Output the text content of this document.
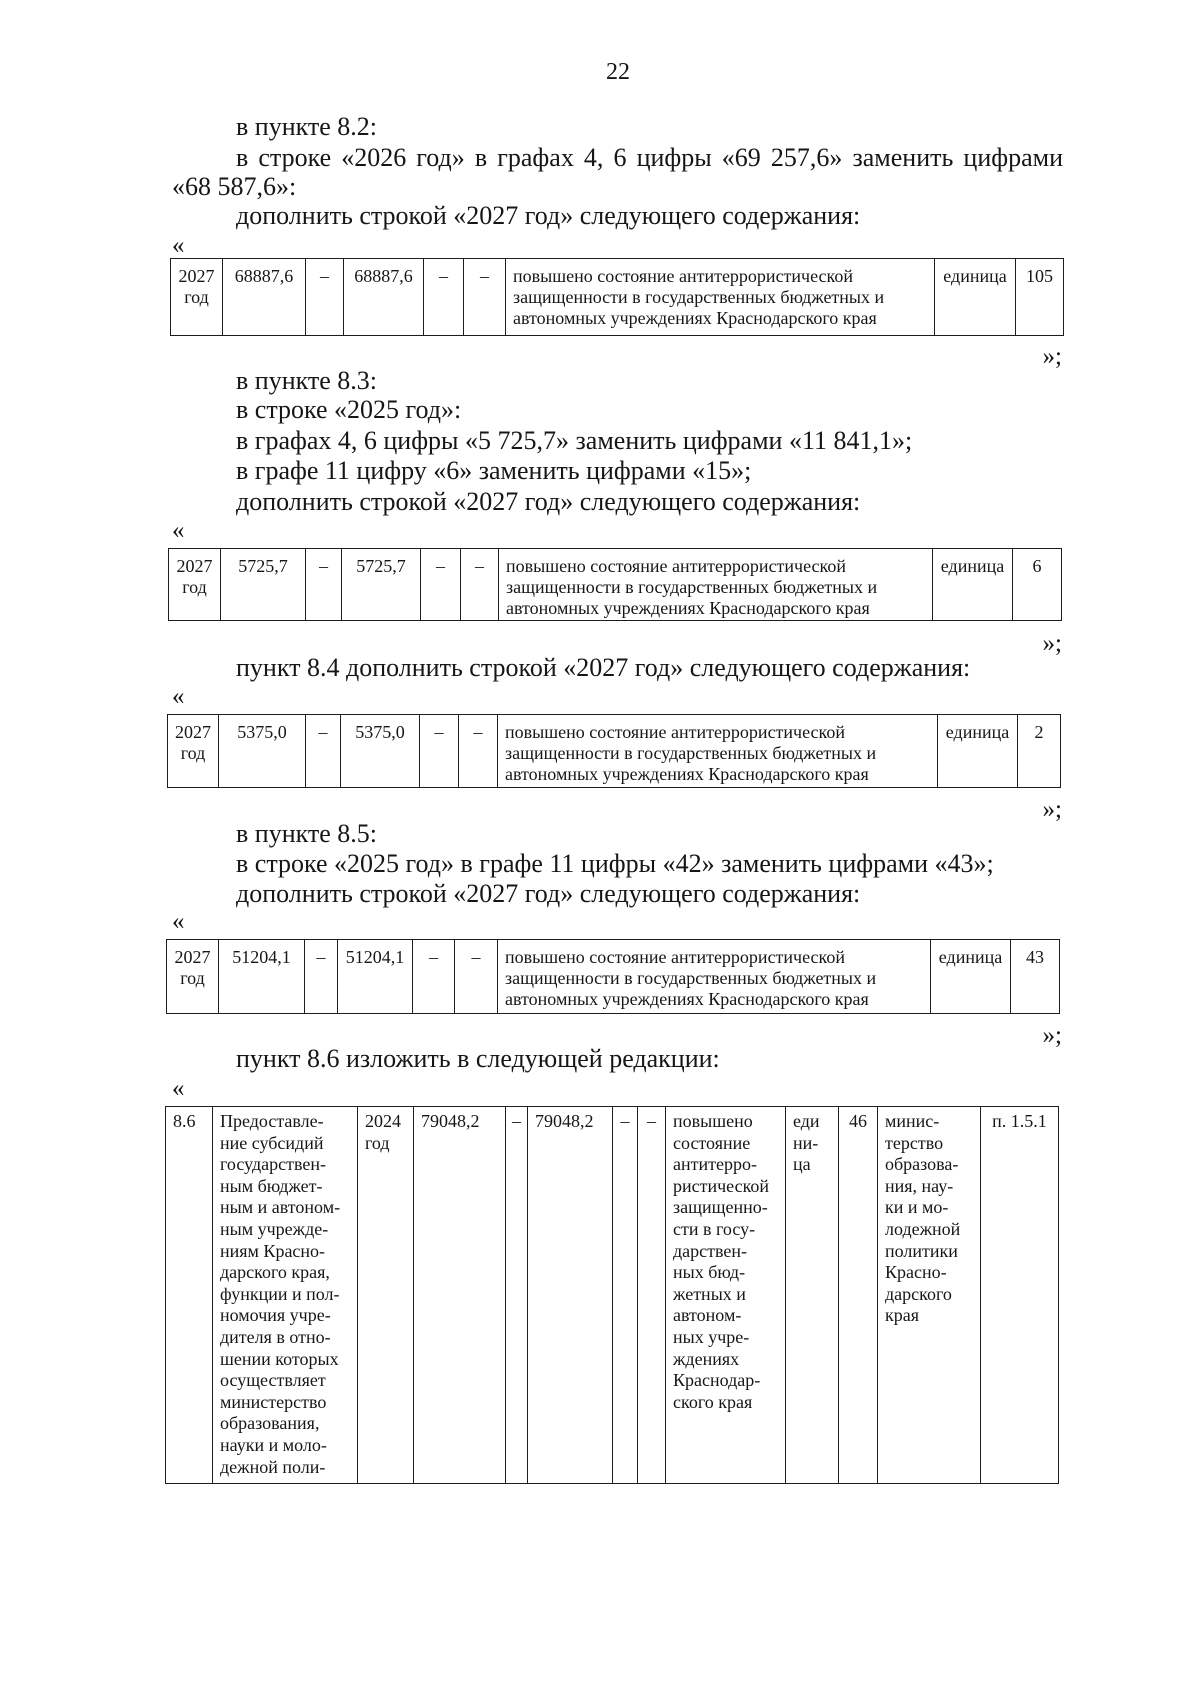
22
в пункте 8.2:
в строке «2026 год» в графах 4, 6 цифры «69 257,6» заменить цифрами «68 587,6»:
дополнить строкой «2027 год» следующего содержания:
«
2027
год	68887,6	–	68887,6	–	–	повышено состояние антитеррористической
защищенности в государственных бюджетных и
автономных учреждениях Краснодарского края	единица	105
»;
в пункте 8.3:
в строке «2025 год»:
в графах 4, 6 цифры «5 725,7» заменить цифрами «11 841,1»;
в графе 11 цифру «6» заменить цифрами «15»;
дополнить строкой «2027 год» следующего содержания:
«
2027
год	5725,7	–	5725,7	–	–	повышено состояние антитеррористической
защищенности в государственных бюджетных и
автономных учреждениях Краснодарского края	единица	6
»;
пункт 8.4 дополнить строкой «2027 год» следующего содержания:
«
2027
год	5375,0	–	5375,0	–	–	повышено состояние антитеррористической
защищенности в государственных бюджетных и
автономных учреждениях Краснодарского края	единица	2
»;
в пункте 8.5:
в строке «2025 год» в графе 11 цифры «42» заменить цифрами «43»;
дополнить строкой «2027 год» следующего содержания:
«
2027
год	51204,1	–	51204,1	–	–	повышено состояние антитеррористической
защищенности в государственных бюджетных и
автономных учреждениях Краснодарского края	единица	43
»;
пункт 8.6 изложить в следующей редакции:
«
8.6	Предоставле-
ние субсидий
государствен-
ным бюджет-
ным и автоном-
ным учрежде-
ниям Красно-
дарского края,
функции и пол-
номочия учре-
дителя в отно-
шении которых
осуществляет
министерство
образования,
науки и моло-
дежной поли-	2024
год	79048,2	–	79048,2	–	–	повышено
состояние
антитерро-
ристической
защищенно-
сти в госу-
дарствен-
ных бюд-
жетных и
автоном-
ных учре-
ждениях
Краснодар-
ского края	еди
ни-
ца	46	минис-
терство
образова-
ния, нау-
ки и мо-
лодежной
политики
Красно-
дарского
края	п. 1.5.1
